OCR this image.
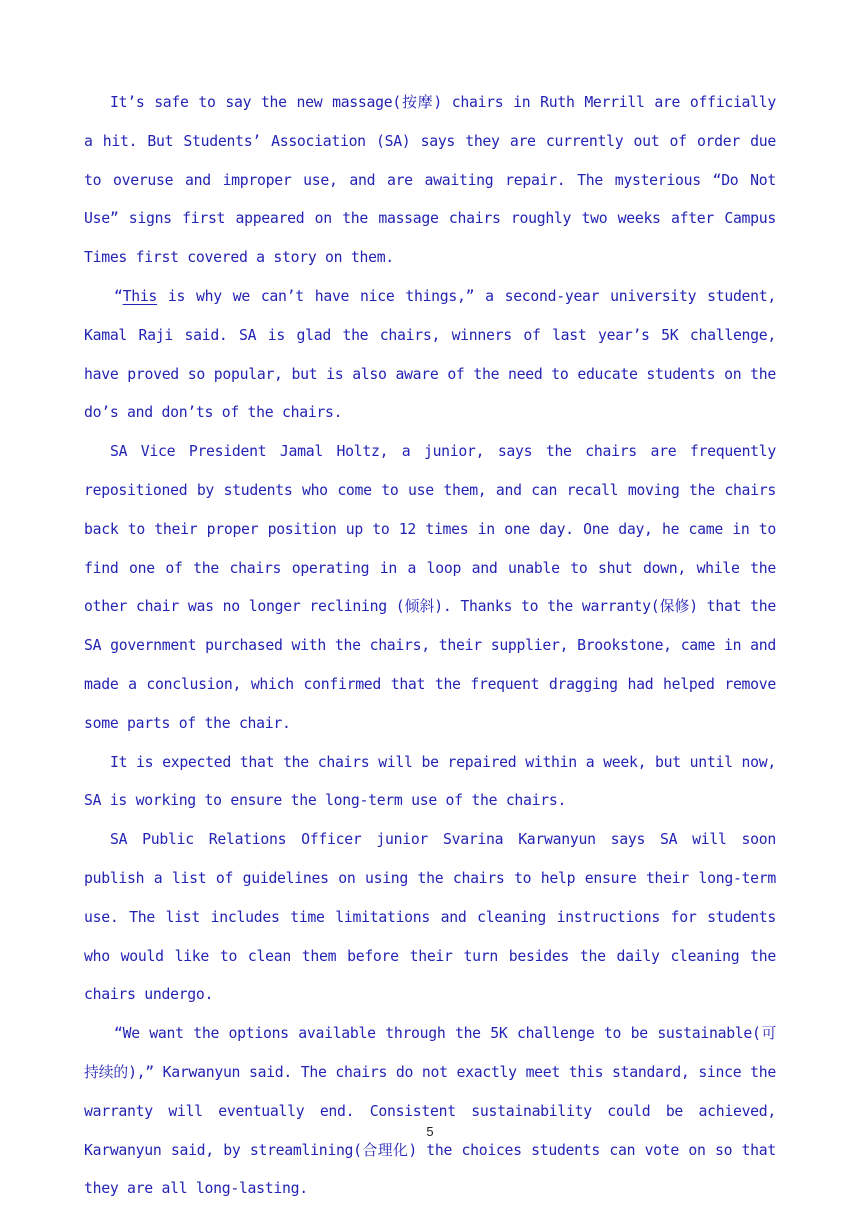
It’s safe to say the new massage(按摩) chairs in Ruth Merrill are officially a hit. But Students’ Association (SA) says they are currently out of order due to overuse and improper use, and are awaiting repair. The mysterious “Do Not Use” signs first appeared on the massage chairs roughly two weeks after Campus Times first covered a story on them.

“This is why we can’t have nice things,” a second-year university student, Kamal Raji said. SA is glad the chairs, winners of last year’s 5K challenge, have proved so popular, but is also aware of the need to educate students on the do’s and don’ts of the chairs.

SA Vice President Jamal Holtz, a junior, says the chairs are frequently repositioned by students who come to use them, and can recall moving the chairs back to their proper position up to 12 times in one day. One day, he came in to find one of the chairs operating in a loop and unable to shut down, while the other chair was no longer reclining (倾斜). Thanks to the warranty(保修) that the SA government purchased with the chairs, their supplier, Brookstone, came in and made a conclusion, which confirmed that the frequent dragging had helped remove some parts of the chair.

It is expected that the chairs will be repaired within a week, but until now, SA is working to ensure the long-term use of the chairs.

SA Public Relations Officer junior Svarina Karwanyun says SA will soon publish a list of guidelines on using the chairs to help ensure their long-term use. The list includes time limitations and cleaning instructions for students who would like to clean them before their turn besides the daily cleaning the chairs undergo.

“We want the options available through the 5K challenge to be sustainable(可持续的),” Karwanyun said. The chairs do not exactly meet this standard, since the warranty will eventually end. Consistent sustainability could be achieved, Karwanyun said, by streamlining(合理化) the choices students can vote on so that they are all long-lasting.

5
